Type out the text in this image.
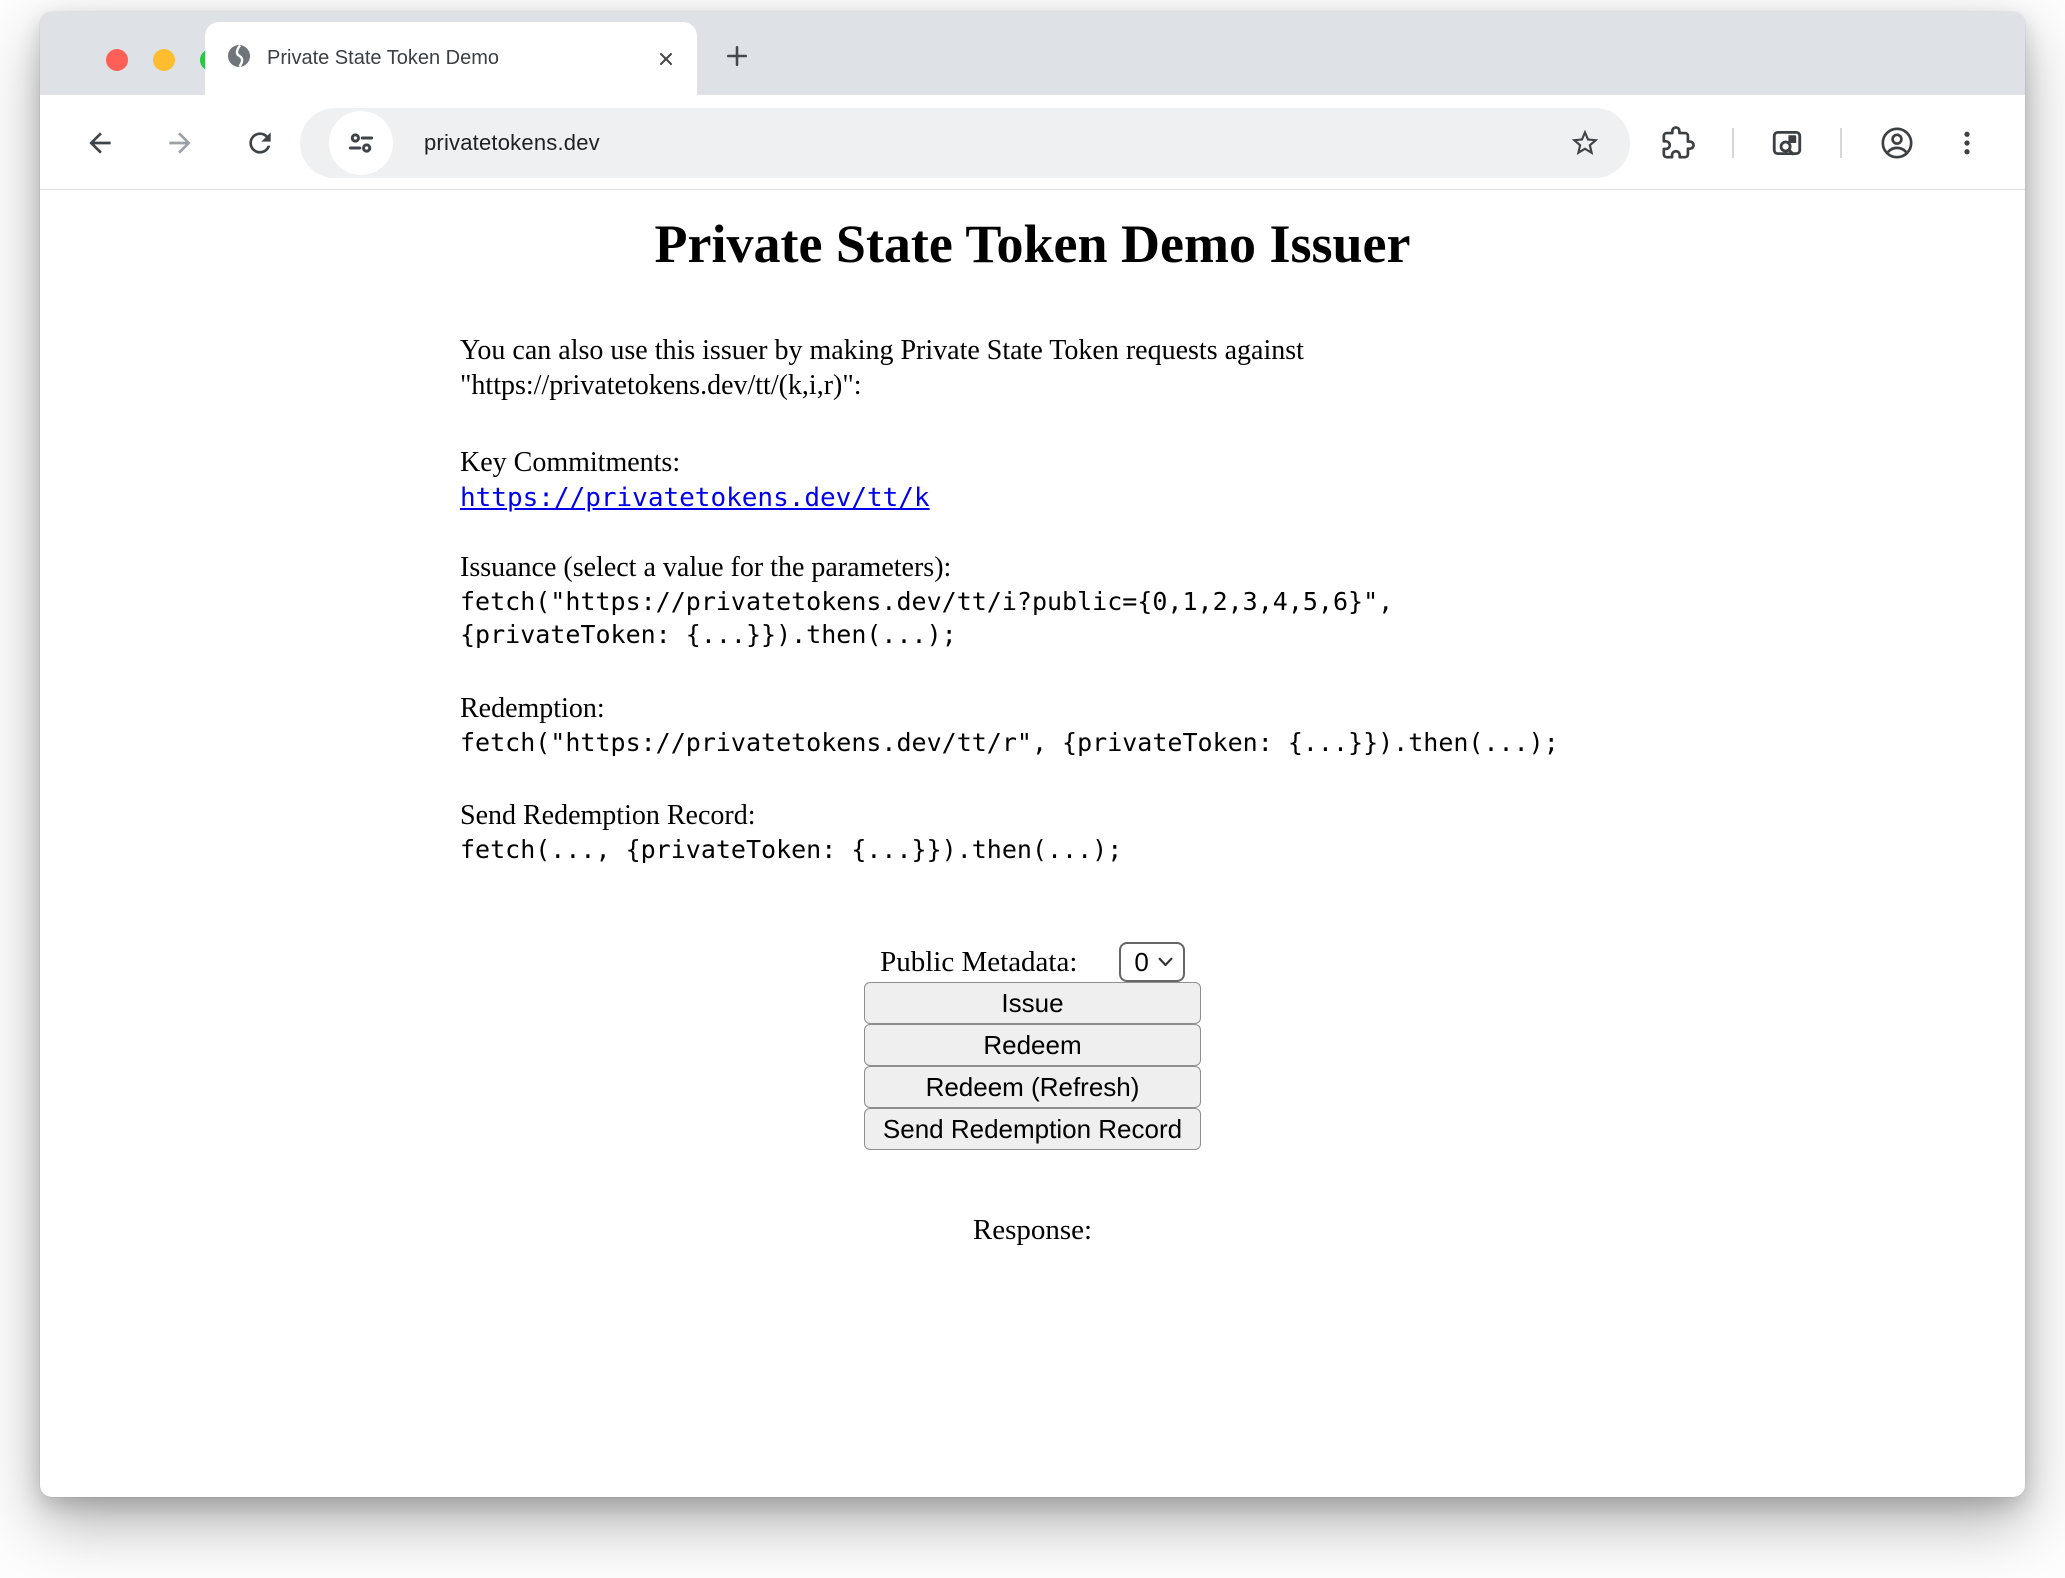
Private State Token Demo
privatetokens.dev
Private State Token Demo Issuer

You can also use this issuer by making Private State Token requests against "https://privatetokens.dev/tt/(k,i,r)":

Key Commitments:
https://privatetokens.dev/tt/k
Issuance (select a value for the parameters):
fetch("https://privatetokens.dev/tt/i?public={0,1,2,3,4,5,6}",
{privateToken: {...}}).then(...);
Redemption:
fetch("https://privatetokens.dev/tt/r", {privateToken: {...}}).then(...);
Send Redemption Record:
fetch(..., {privateToken: {...}}).then(...);
Public Metadata: 0
Issue
Redeem
Redeem (Refresh)
Send Redemption Record
Response:
